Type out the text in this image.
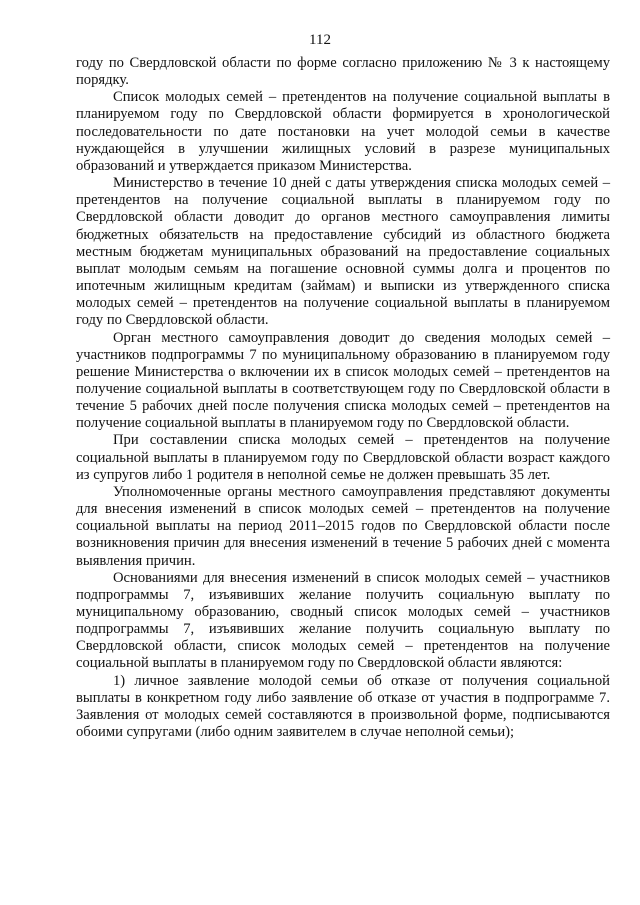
112

году по Свердловской области по форме согласно приложению № 3 к настоящему порядку.

Список молодых семей – претендентов на получение социальной выплаты в планируемом году по Свердловской области формируется в хронологической последовательности по дате постановки на учет молодой семьи в качестве нуждающейся в улучшении жилищных условий в разрезе муниципальных образований и утверждается приказом Министерства.

Министерство в течение 10 дней с даты утверждения списка молодых семей – претендентов на получение социальной выплаты в планируемом году по Свердловской области доводит до органов местного самоуправления лимиты бюджетных обязательств на предоставление субсидий из областного бюджета местным бюджетам муниципальных образований на предоставление социальных выплат молодым семьям на погашение основной суммы долга и процентов по ипотечным жилищным кредитам (займам) и выписки из утвержденного списка молодых семей – претендентов на получение социальной выплаты в планируемом году по Свердловской области.

Орган местного самоуправления доводит до сведения молодых семей – участников подпрограммы 7 по муниципальному образованию в планируемом году решение Министерства о включении их в список молодых семей – претендентов на получение социальной выплаты в соответствующем году по Свердловской области в течение 5 рабочих дней после получения списка молодых семей – претендентов на получение социальной выплаты в планируемом году по Свердловской области.

При составлении списка молодых семей – претендентов на получение социальной выплаты в планируемом году по Свердловской области возраст каждого из супругов либо 1 родителя в неполной семье не должен превышать 35 лет.

Уполномоченные органы местного самоуправления представляют документы для внесения изменений в список молодых семей – претендентов на получение социальной выплаты на период 2011–2015 годов по Свердловской области после возникновения причин для внесения изменений в течение 5 рабочих дней с момента выявления причин.

Основаниями для внесения изменений в список молодых семей – участников подпрограммы 7, изъявивших желание получить социальную выплату по муниципальному образованию, сводный список молодых семей – участников подпрограммы 7, изъявивших желание получить социальную выплату по Свердловской области, список молодых семей – претендентов на получение социальной выплаты в планируемом году по Свердловской области являются:

1) личное заявление молодой семьи об отказе от получения социальной выплаты в конкретном году либо заявление об отказе от участия в подпрограмме 7. Заявления от молодых семей составляются в произвольной форме, подписываются обоими супругами (либо одним заявителем в случае неполной семьи);
